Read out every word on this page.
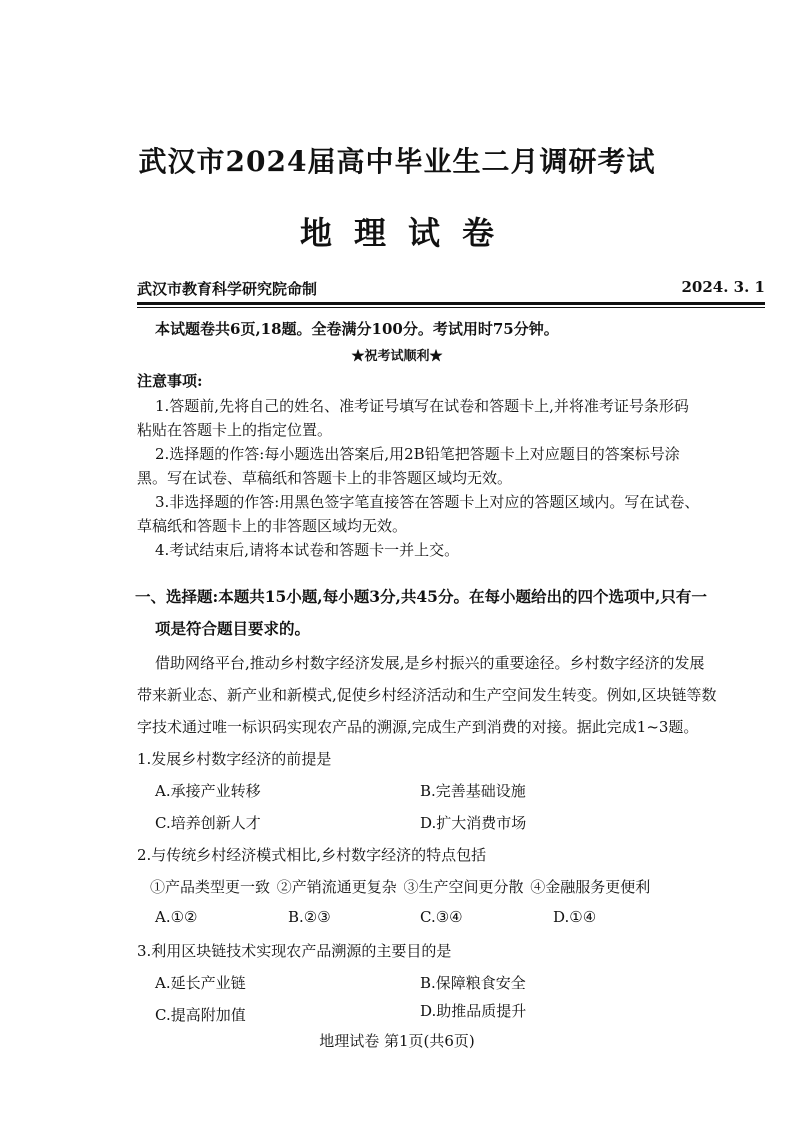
武汉市2024届高中毕业生二月调研考试
地理试卷
武汉市教育科学研究院命制	2024. 3. 1
本试题卷共6页,18题。全卷满分100分。考试用时75分钟。
★祝考试顺利★
注意事项:
1.答题前,先将自己的姓名、准考证号填写在试卷和答题卡上,并将准考证号条形码
粘贴在答题卡上的指定位置。
2.选择题的作答:每小题选出答案后,用2B铅笔把答题卡上对应题目的答案标号涂
黑。写在试卷、草稿纸和答题卡上的非答题区域均无效。
3.非选择题的作答:用黑色签字笔直接答在答题卡上对应的答题区域内。写在试卷、
草稿纸和答题卡上的非答题区域均无效。
4.考试结束后,请将本试卷和答题卡一并上交。
一、选择题:本题共15小题,每小题3分,共45分。在每小题给出的四个选项中,只有一
项是符合题目要求的。
借助网络平台,推动乡村数字经济发展,是乡村振兴的重要途径。乡村数字经济的发展
带来新业态、新产业和新模式,促使乡村经济活动和生产空间发生转变。例如,区块链等数
字技术通过唯一标识码实现农产品的溯源,完成生产到消费的对接。据此完成1~3题。
1.发展乡村数字经济的前提是
A.承接产业转移	B.完善基础设施
C.培养创新人才	D.扩大消费市场
2.与传统乡村经济模式相比,乡村数字经济的特点包括
①产品类型更一致 ②产销流通更复杂 ③生产空间更分散 ④金融服务更便利
A.①②	B.②③	C.③④	D.①④
3.利用区块链技术实现农产品溯源的主要目的是
A.延长产业链	B.保障粮食安全
C.提高附加值	D.助推品质提升
地理试卷 第1页(共6页)
